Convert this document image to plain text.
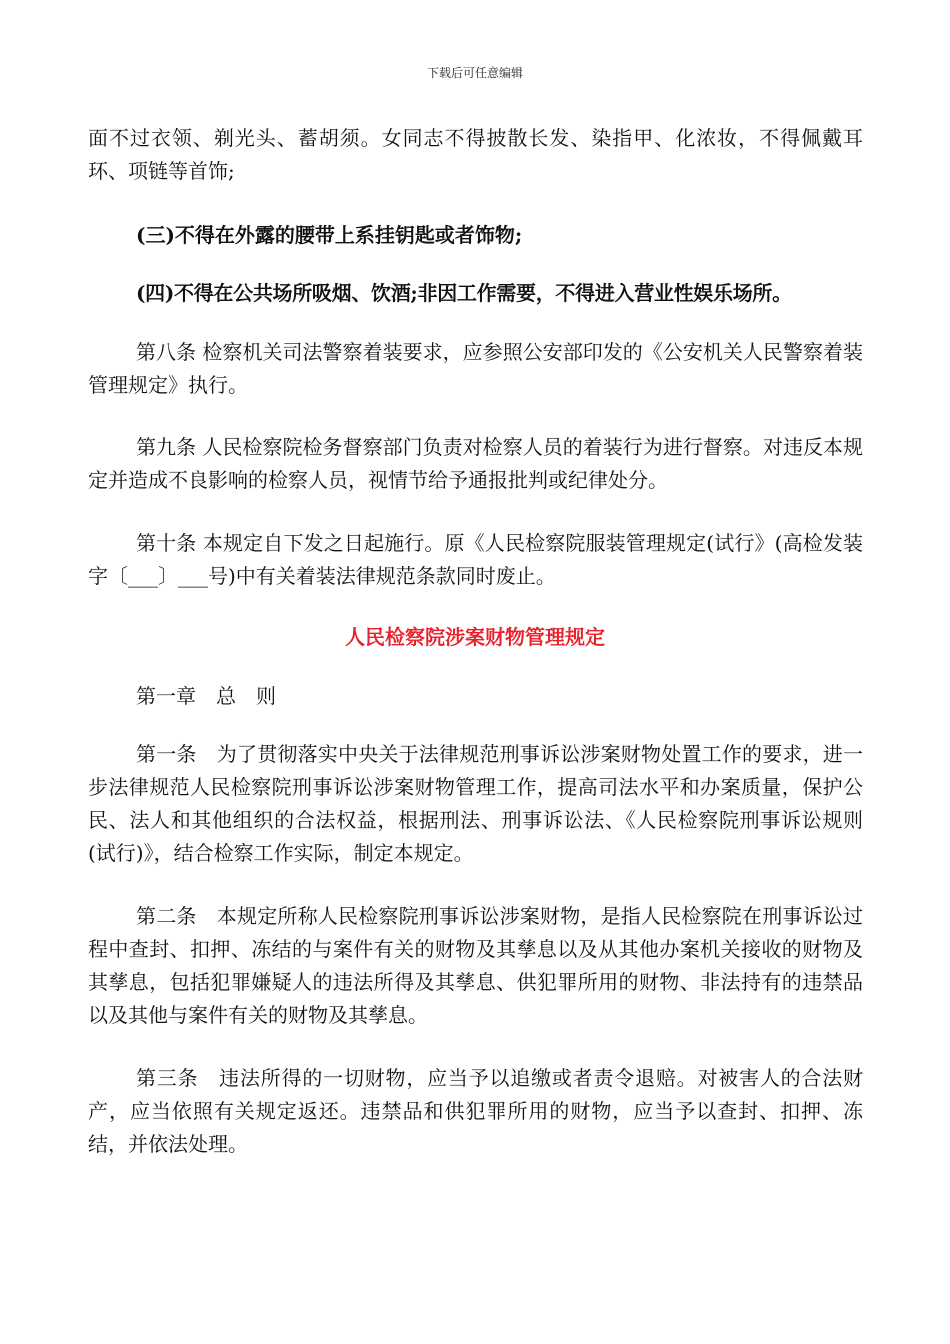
下载后可任意编辑

面不过衣领、剃光头、蓄胡须。女同志不得披散长发、染指甲、化浓妆，不得佩戴耳环、项链等首饰;

(三)不得在外露的腰带上系挂钥匙或者饰物;

(四)不得在公共场所吸烟、饮酒;非因工作需要，不得进入营业性娱乐场所。

第八条 检察机关司法警察着装要求，应参照公安部印发的《公安机关人民警察着装管理规定》执行。

第九条 人民检察院检务督察部门负责对检察人员的着装行为进行督察。对违反本规定并造成不良影响的检察人员，视情节给予通报批判或纪律处分。

第十条 本规定自下发之日起施行。原《人民检察院服装管理规定(试行》(高检发装字〔___〕___号)中有关着装法律规范条款同时废止。

人民检察院涉案财物管理规定

第一章　总　则

第一条　为了贯彻落实中央关于法律规范刑事诉讼涉案财物处置工作的要求，进一步法律规范人民检察院刑事诉讼涉案财物管理工作，提高司法水平和办案质量，保护公民、法人和其他组织的合法权益，根据刑法、刑事诉讼法、《人民检察院刑事诉讼规则(试行)》，结合检察工作实际，制定本规定。

第二条　本规定所称人民检察院刑事诉讼涉案财物，是指人民检察院在刑事诉讼过程中查封、扣押、冻结的与案件有关的财物及其孳息以及从其他办案机关接收的财物及其孳息，包括犯罪嫌疑人的违法所得及其孳息、供犯罪所用的财物、非法持有的违禁品以及其他与案件有关的财物及其孳息。

第三条　违法所得的一切财物，应当予以追缴或者责令退赔。对被害人的合法财产，应当依照有关规定返还。违禁品和供犯罪所用的财物，应当予以查封、扣押、冻结，并依法处理。
